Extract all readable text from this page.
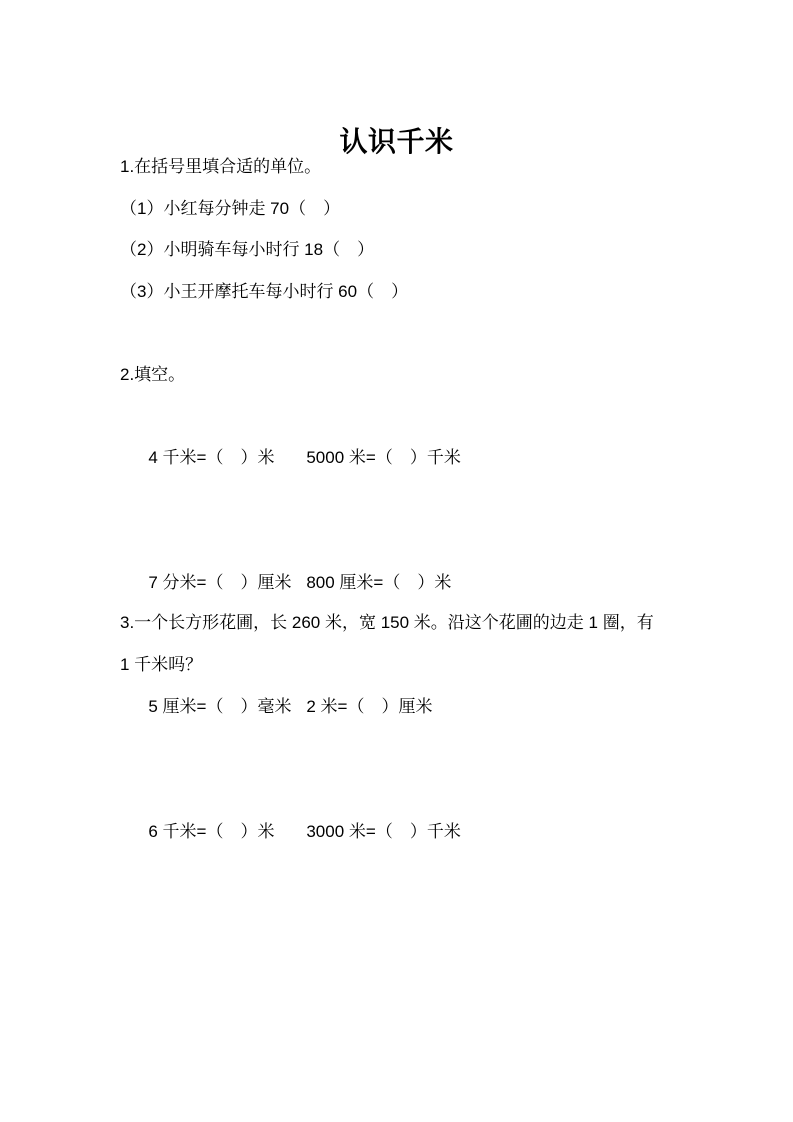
认识千米
1.在括号里填合适的单位。
（1）小红每分钟走 70（　）
（2）小明骑车每小时行 18（　）
（3）小王开摩托车每小时行 60（　）
2.填空。

4 千米=（　）米 5000 米=（　）千米

7 分米=（　）厘米 800 厘米=（　）米

5 厘米=（　）毫米 2 米=（　）厘米

6 千米=（　）米 3000 米=（　）千米

3.一个长方形花圃，长 260 米，宽 150 米。沿这个花圃的边走 1 圈，有
1 千米吗？
